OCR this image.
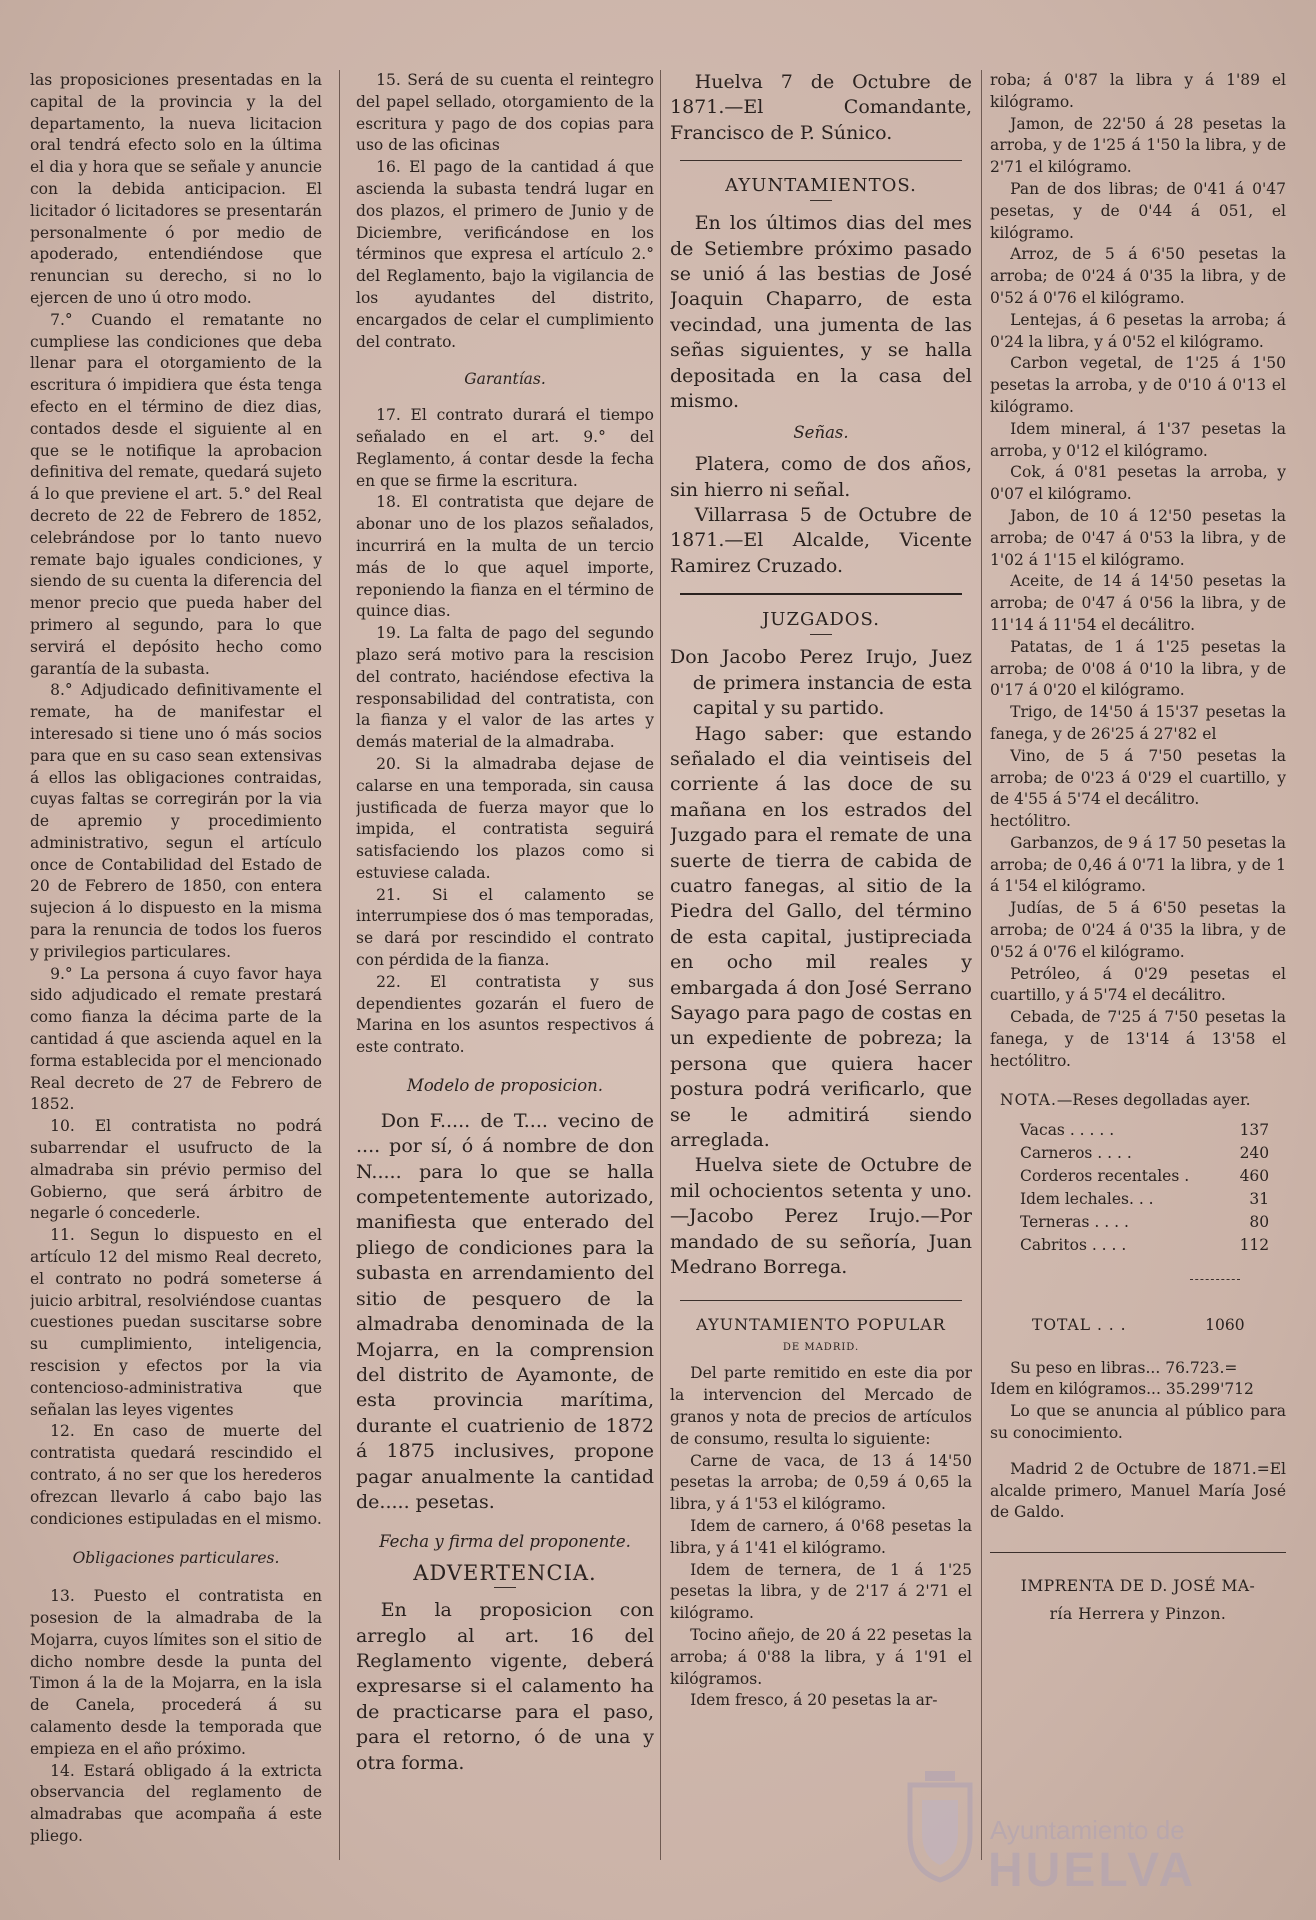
las proposiciones presentadas en la capital de la provincia y la del departamento, la nueva licitacion oral tendrá efecto solo en la última el dia y hora que se señale y anuncie con la debida anticipacion. El licitador ó licitadores se presentarán personalmente ó por medio de apoderado, entendiéndose que renuncian su derecho, si no lo ejercen de uno ú otro modo.

7.° Cuando el rematante no cumpliese las condiciones que deba llenar para el otorgamiento de la escritura ó impidiera que ésta tenga efecto en el término de diez dias, contados desde el siguiente al en que se le notifique la aprobacion definitiva del remate, quedará sujeto á lo que previene el art. 5.° del Real decreto de 22 de Febrero de 1852, celebrándose por lo tanto nuevo remate bajo iguales condiciones, y siendo de su cuenta la diferencia del menor precio que pueda haber del primero al segundo, para lo que servirá el depósito hecho como garantía de la subasta.

8.° Adjudicado definitivamente el remate, ha de manifestar el interesado si tiene uno ó más socios para que en su caso sean extensivas á ellos las obligaciones contraidas, cuyas faltas se corregirán por la via de apremio y procedimiento administrativo, segun el artículo once de Contabilidad del Estado de 20 de Febrero de 1850, con entera sujecion á lo dispuesto en la misma para la renuncia de todos los fueros y privilegios particulares.

9.° La persona á cuyo favor haya sido adjudicado el remate prestará como fianza la décima parte de la cantidad á que ascienda aquel en la forma establecida por el mencionado Real decreto de 27 de Febrero de 1852.

10. El contratista no podrá subarrendar el usufructo de la almadraba sin prévio permiso del Gobierno, que será árbitro de negarle ó concederle.

11. Segun lo dispuesto en el artículo 12 del mismo Real decreto, el contrato no podrá someterse á juicio arbitral, resolviéndose cuantas cuestiones puedan suscitarse sobre su cumplimiento, inteligencia, rescision y efectos por la via contencioso-administrativa que señalan las leyes vigentes

12. En caso de muerte del contratista quedará rescindido el contrato, á no ser que los herederos ofrezcan llevarlo á cabo bajo las condiciones estipuladas en el mismo.

Obligaciones particulares.

13. Puesto el contratista en posesion de la almadraba de la Mojarra, cuyos límites son el sitio de dicho nombre desde la punta del Timon á la de la Mojarra, en la isla de Canela, procederá á su calamento desde la temporada que empieza en el año próximo.

14. Estará obligado á la extricta observancia del reglamento de almadrabas que acompaña á este pliego.

15. Será de su cuenta el reintegro del papel sellado, otorgamiento de la escritura y pago de dos copias para uso de las oficinas

16. El pago de la cantidad á que ascienda la subasta tendrá lugar en dos plazos, el primero de Junio y de Diciembre, verificándose en los términos que expresa el artículo 2.° del Reglamento, bajo la vigilancia de los ayudantes del distrito, encargados de celar el cumplimiento del contrato.

Garantías.

17. El contrato durará el tiempo señalado en el art. 9.° del Reglamento, á contar desde la fecha en que se firme la escritura.

18. El contratista que dejare de abonar uno de los plazos señalados, incurrirá en la multa de un tercio más de lo que aquel importe, reponiendo la fianza en el término de quince dias.

19. La falta de pago del segundo plazo será motivo para la rescision del contrato, haciéndose efectiva la responsabilidad del contratista, con la fianza y el valor de las artes y demás material de la almadraba.

20. Si la almadraba dejase de calarse en una temporada, sin causa justificada de fuerza mayor que lo impida, el contratista seguirá satisfaciendo los plazos como si estuviese calada.

21. Si el calamento se interrumpiese dos ó mas temporadas, se dará por rescindido el contrato con pérdida de la fianza.

22. El contratista y sus dependientes gozarán el fuero de Marina en los asuntos respectivos á este contrato.

Modelo de proposicion.

Don F..... de T.... vecino de .... por sí, ó á nombre de don N..... para lo que se halla competentemente autorizado, manifiesta que enterado del pliego de condiciones para la subasta en arrendamiento del sitio de pesquero de la almadraba denominada de la Mojarra, en la comprension del distrito de Ayamonte, de esta provincia marítima, durante el cuatrienio de 1872 á 1875 inclusives, propone pagar anualmente la cantidad de..... pesetas.

Fecha y firma del proponente.

ADVERTENCIA.

En la proposicion con arreglo al art. 16 del Reglamento vigente, deberá expresarse si el calamento ha de practicarse para el paso, para el retorno, ó de una y otra forma.

Huelva 7 de Octubre de 1871.—El Comandante, Francisco de P. Súnico.

AYUNTAMIENTOS.

En los últimos dias del mes de Setiembre próximo pasado se unió á las bestias de José Joaquin Chaparro, de esta vecindad, una jumenta de las señas siguientes, y se halla depositada en la casa del mismo.

Señas.

Platera, como de dos años, sin hierro ni señal.

Villarrasa 5 de Octubre de 1871.—El Alcalde, Vicente Ramirez Cruzado.

JUZGADOS.

Don Jacobo Perez Irujo, Juez de primera instancia de esta capital y su partido.

Hago saber: que estando señalado el dia veintiseis del corriente á las doce de su mañana en los estrados del Juzgado para el remate de una suerte de tierra de cabida de cuatro fanegas, al sitio de la Piedra del Gallo, del término de esta capital, justipreciada en ocho mil reales y embargada á don José Serrano Sayago para pago de costas en un expediente de pobreza; la persona que quiera hacer postura podrá verificarlo, que se le admitirá siendo arreglada.

Huelva siete de Octubre de mil ochocientos setenta y uno.—Jacobo Perez Irujo.—Por mandado de su señoría, Juan Medrano Borrega.

AYUNTAMIENTO POPULAR

DE MADRID.

Del parte remitido en este dia por la intervencion del Mercado de granos y nota de precios de artículos de consumo, resulta lo siguiente:

Carne de vaca, de 13 á 14'50 pesetas la arroba; de 0,59 á 0,65 la libra, y á 1'53 el kilógramo.

Idem de carnero, á 0'68 pesetas la libra, y á 1'41 el kilógramo.

Idem de ternera, de 1 á 1'25 pesetas la libra, y de 2'17 á 2'71 el kilógramo.

Tocino añejo, de 20 á 22 pesetas la arroba; á 0'88 la libra, y á 1'91 el kilógramos.

Idem fresco, á 20 pesetas la ar-

roba; á 0'87 la libra y á 1'89 el kilógramo.

Jamon, de 22'50 á 28 pesetas la arroba, y de 1'25 á 1'50 la libra, y de 2'71 el kilógramo.

Pan de dos libras; de 0'41 á 0'47 pesetas, y de 0'44 á 051, el kilógramo.

Arroz, de 5 á 6'50 pesetas la arroba; de 0'24 á 0'35 la libra, y de 0'52 á 0'76 el kilógramo.

Lentejas, á 6 pesetas la arroba; á 0'24 la libra, y á 0'52 el kilógramo.

Carbon vegetal, de 1'25 á 1'50 pesetas la arroba, y de 0'10 á 0'13 el kilógramo.

Idem mineral, á 1'37 pesetas la arroba, y 0'12 el kilógramo.

Cok, á 0'81 pesetas la arroba, y 0'07 el kilógramo.

Jabon, de 10 á 12'50 pesetas la arroba; de 0'47 á 0'53 la libra, y de 1'02 á 1'15 el kilógramo.

Aceite, de 14 á 14'50 pesetas la arroba; de 0'47 á 0'56 la libra, y de 11'14 á 11'54 el decálitro.

Patatas, de 1 á 1'25 pesetas la arroba; de 0'08 á 0'10 la libra, y de 0'17 á 0'20 el kilógramo.

Trigo, de 14'50 á 15'37 pesetas la fanega, y de 26'25 á 27'82 el

Vino, de 5 á 7'50 pesetas la arroba; de 0'23 á 0'29 el cuartillo, y de 4'55 á 5'74 el decálitro.

hectólitro.

Garbanzos, de 9 á 17 50 pesetas la arroba; de 0,46 á 0'71 la libra, y de 1 á 1'54 el kilógramo.

Judías, de 5 á 6'50 pesetas la arroba; de 0'24 á 0'35 la libra, y de 0'52 á 0'76 el kilógramo.

Petróleo, á 0'29 pesetas el cuartillo, y á 5'74 el decálitro.

Cebada, de 7'25 á 7'50 pesetas la fanega, y de 13'14 á 13'58 el hectólitro.

NOTA.—Reses degolladas ayer.
Vacas . . . . .	137
Carneros . . . .	240
Corderos recentales .	460
Idem lechales. . .	31
Terneras . . . .	80
Cabritos . . . .	112
TOTAL . . .	1060

Su peso en libras... 76.723.=

Idem en kilógramos... 35.299'712

Lo que se anuncia al público para su conocimiento.

Madrid 2 de Octubre de 1871.=El alcalde primero, Manuel María José de Galdo.

IMPRENTA DE D. JOSÉ MA-

ría Herrera y Pinzon.

Ayuntamiento de
HUELVA
